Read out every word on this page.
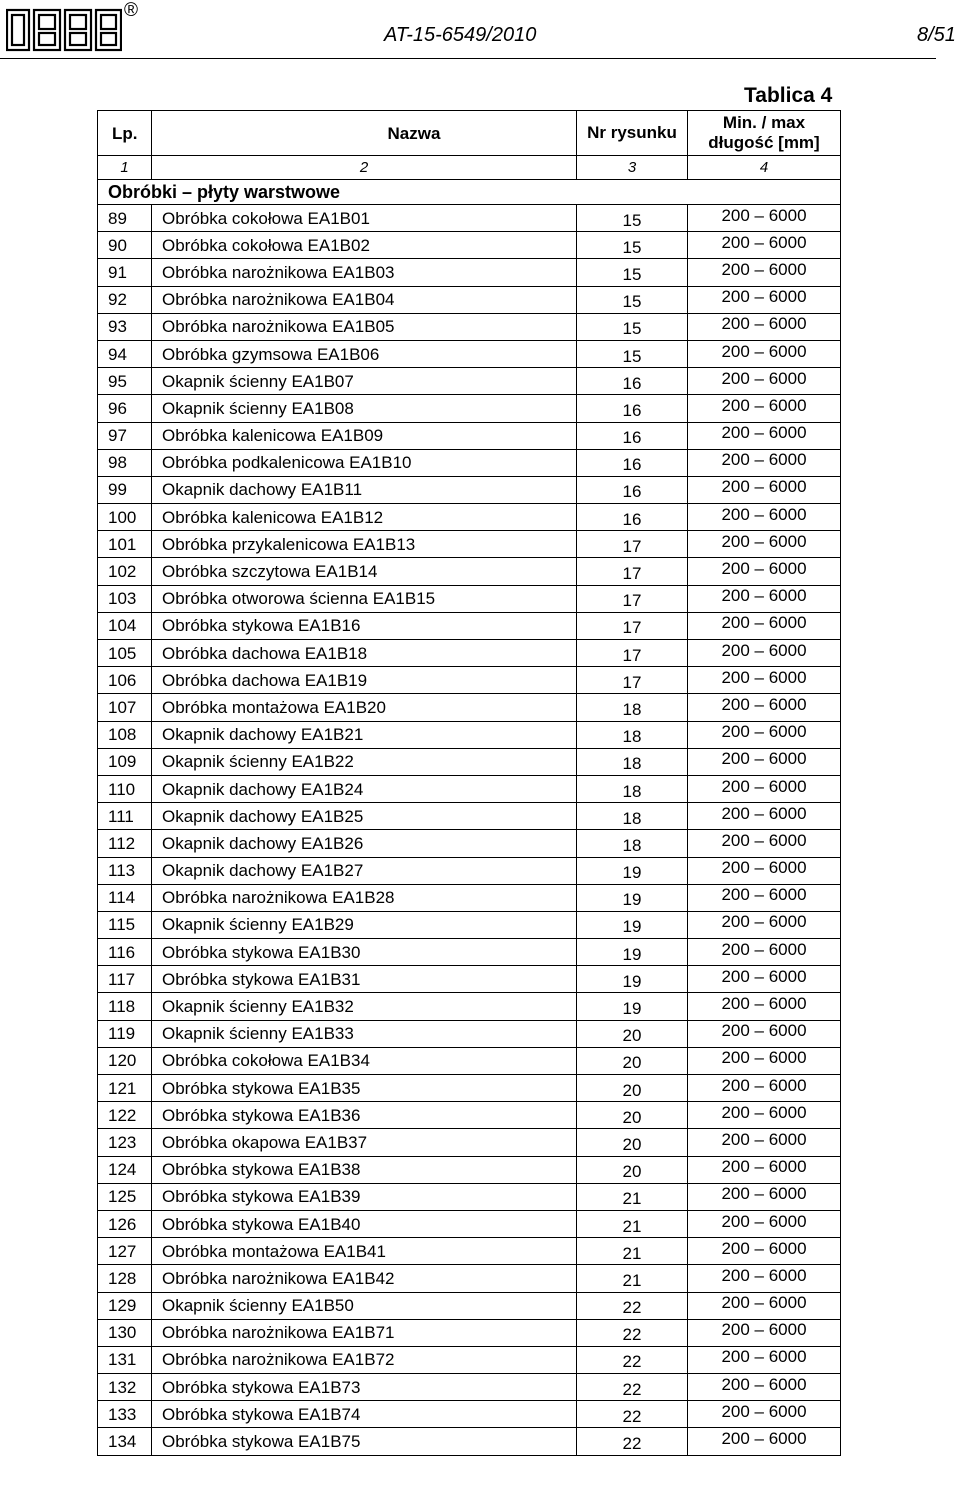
®
AT-15-6549/2010	8/51
Tablica 4
Lp.	Nazwa	Nr rysunku	Min. / max długość [mm]
1	2	3	4
Obróbki – płyty warstwowe			
89	Obróbka cokołowa EA1B01	15	200 – 6000
90	Obróbka cokołowa EA1B02	15	200 – 6000
91	Obróbka narożnikowa EA1B03	15	200 – 6000
92	Obróbka narożnikowa EA1B04	15	200 – 6000
93	Obróbka narożnikowa EA1B05	15	200 – 6000
94	Obróbka gzymsowa EA1B06	15	200 – 6000
95	Okapnik ścienny EA1B07	16	200 – 6000
96	Okapnik ścienny EA1B08	16	200 – 6000
97	Obróbka kalenicowa EA1B09	16	200 – 6000
98	Obróbka podkalenicowa EA1B10	16	200 – 6000
99	Okapnik dachowy EA1B11	16	200 – 6000
100	Obróbka kalenicowa EA1B12	16	200 – 6000
101	Obróbka przykalenicowa EA1B13	17	200 – 6000
102	Obróbka szczytowa EA1B14	17	200 – 6000
103	Obróbka otworowa ścienna EA1B15	17	200 – 6000
104	Obróbka stykowa EA1B16	17	200 – 6000
105	Obróbka dachowa EA1B18	17	200 – 6000
106	Obróbka dachowa EA1B19	17	200 – 6000
107	Obróbka montażowa EA1B20	18	200 – 6000
108	Okapnik dachowy EA1B21	18	200 – 6000
109	Okapnik ścienny EA1B22	18	200 – 6000
110	Okapnik dachowy EA1B24	18	200 – 6000
111	Okapnik dachowy EA1B25	18	200 – 6000
112	Okapnik dachowy EA1B26	18	200 – 6000
113	Okapnik dachowy EA1B27	19	200 – 6000
114	Obróbka narożnikowa EA1B28	19	200 – 6000
115	Okapnik ścienny EA1B29	19	200 – 6000
116	Obróbka stykowa EA1B30	19	200 – 6000
117	Obróbka stykowa EA1B31	19	200 – 6000
118	Okapnik ścienny EA1B32	19	200 – 6000
119	Okapnik ścienny EA1B33	20	200 – 6000
120	Obróbka cokołowa EA1B34	20	200 – 6000
121	Obróbka stykowa EA1B35	20	200 – 6000
122	Obróbka stykowa EA1B36	20	200 – 6000
123	Obróbka okapowa EA1B37	20	200 – 6000
124	Obróbka stykowa EA1B38	20	200 – 6000
125	Obróbka stykowa EA1B39	21	200 – 6000
126	Obróbka stykowa EA1B40	21	200 – 6000
127	Obróbka montażowa EA1B41	21	200 – 6000
128	Obróbka narożnikowa EA1B42	21	200 – 6000
129	Okapnik ścienny EA1B50	22	200 – 6000
130	Obróbka narożnikowa EA1B71	22	200 – 6000
131	Obróbka narożnikowa EA1B72	22	200 – 6000
132	Obróbka stykowa EA1B73	22	200 – 6000
133	Obróbka stykowa EA1B74	22	200 – 6000
134	Obróbka stykowa EA1B75	22	200 – 6000
